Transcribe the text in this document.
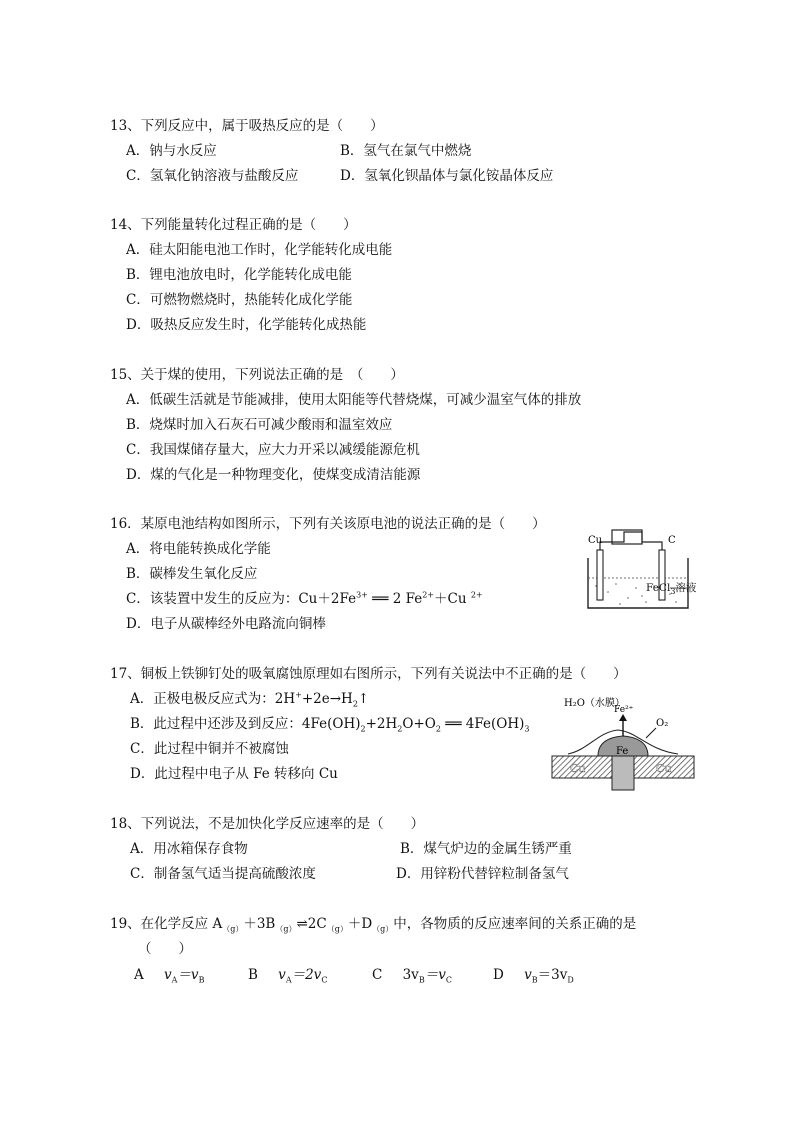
13、下列反应中，属于吸热反应的是（　　）
A．钠与水反应	B．氢气在氯气中燃烧
C．氢氧化钠溶液与盐酸反应	D．氢氧化钡晶体与氯化铵晶体反应
14、下列能量转化过程正确的是（　　）
A．硅太阳能电池工作时，化学能转化成电能
B．锂电池放电时，化学能转化成电能
C．可燃物燃烧时，热能转化成化学能
D．吸热反应发生时，化学能转化成热能
15、关于煤的使用，下列说法正确的是　（　　）
A．低碳生活就是节能减排，使用太阳能等代替烧煤，可减少温室气体的排放
B．烧煤时加入石灰石可减少酸雨和温室效应
C．我国煤储存量大，应大力开采以减缓能源危机
D．煤的气化是一种物理变化，使煤变成清洁能源
16．某原电池结构如图所示，下列有关该原电池的说法正确的是（　　）
A．将电能转换成化学能
B．碳棒发生氧化反应
C．该装置中发生的反应为：$Cu+2Fe^{3+}$ ══ 2 $Fe^{2+}+Cu$ $^{2+}$
D．电子从碳棒经外电路流向铜棒
Cu	C
FeCl$_3$溶液
17、铜板上铁铆钉处的吸氧腐蚀原理如右图所示，下列有关说法中不正确的是（　　）
A．正极电极反应式为：$2H^++2e\to H_2↑$
B．此过程中还涉及到反应：$4Fe(OH)_2+2H_2O+O_2$ ══ $4Fe(OH)_3$
C．此过程中铜并不被腐蚀
D．此过程中电子从 Fe 转移向 Cu
H₂O（水膜）
Fe²⁺
O₂
Fe
Cu	Cu
18、下列说法，不是加快化学反应速率的是（　　）
A．用冰箱保存食物	B．煤气炉边的金属生锈严重
C．制备氢气适当提高硫酸浓度	D．用锌粉代替锌粒制备氢气
19、在化学反应 $A_{(g)}+3B_{(g)}\rightleftharpoons 2C_{(g)}+D_{(g)}$中，各物质的反应速率间的关系正确的是
（　　）
A   $v_A=v_B$	B   $v_A=2v_C$	C   $3v_B=v_C$	D   $v_B=3v_D$
